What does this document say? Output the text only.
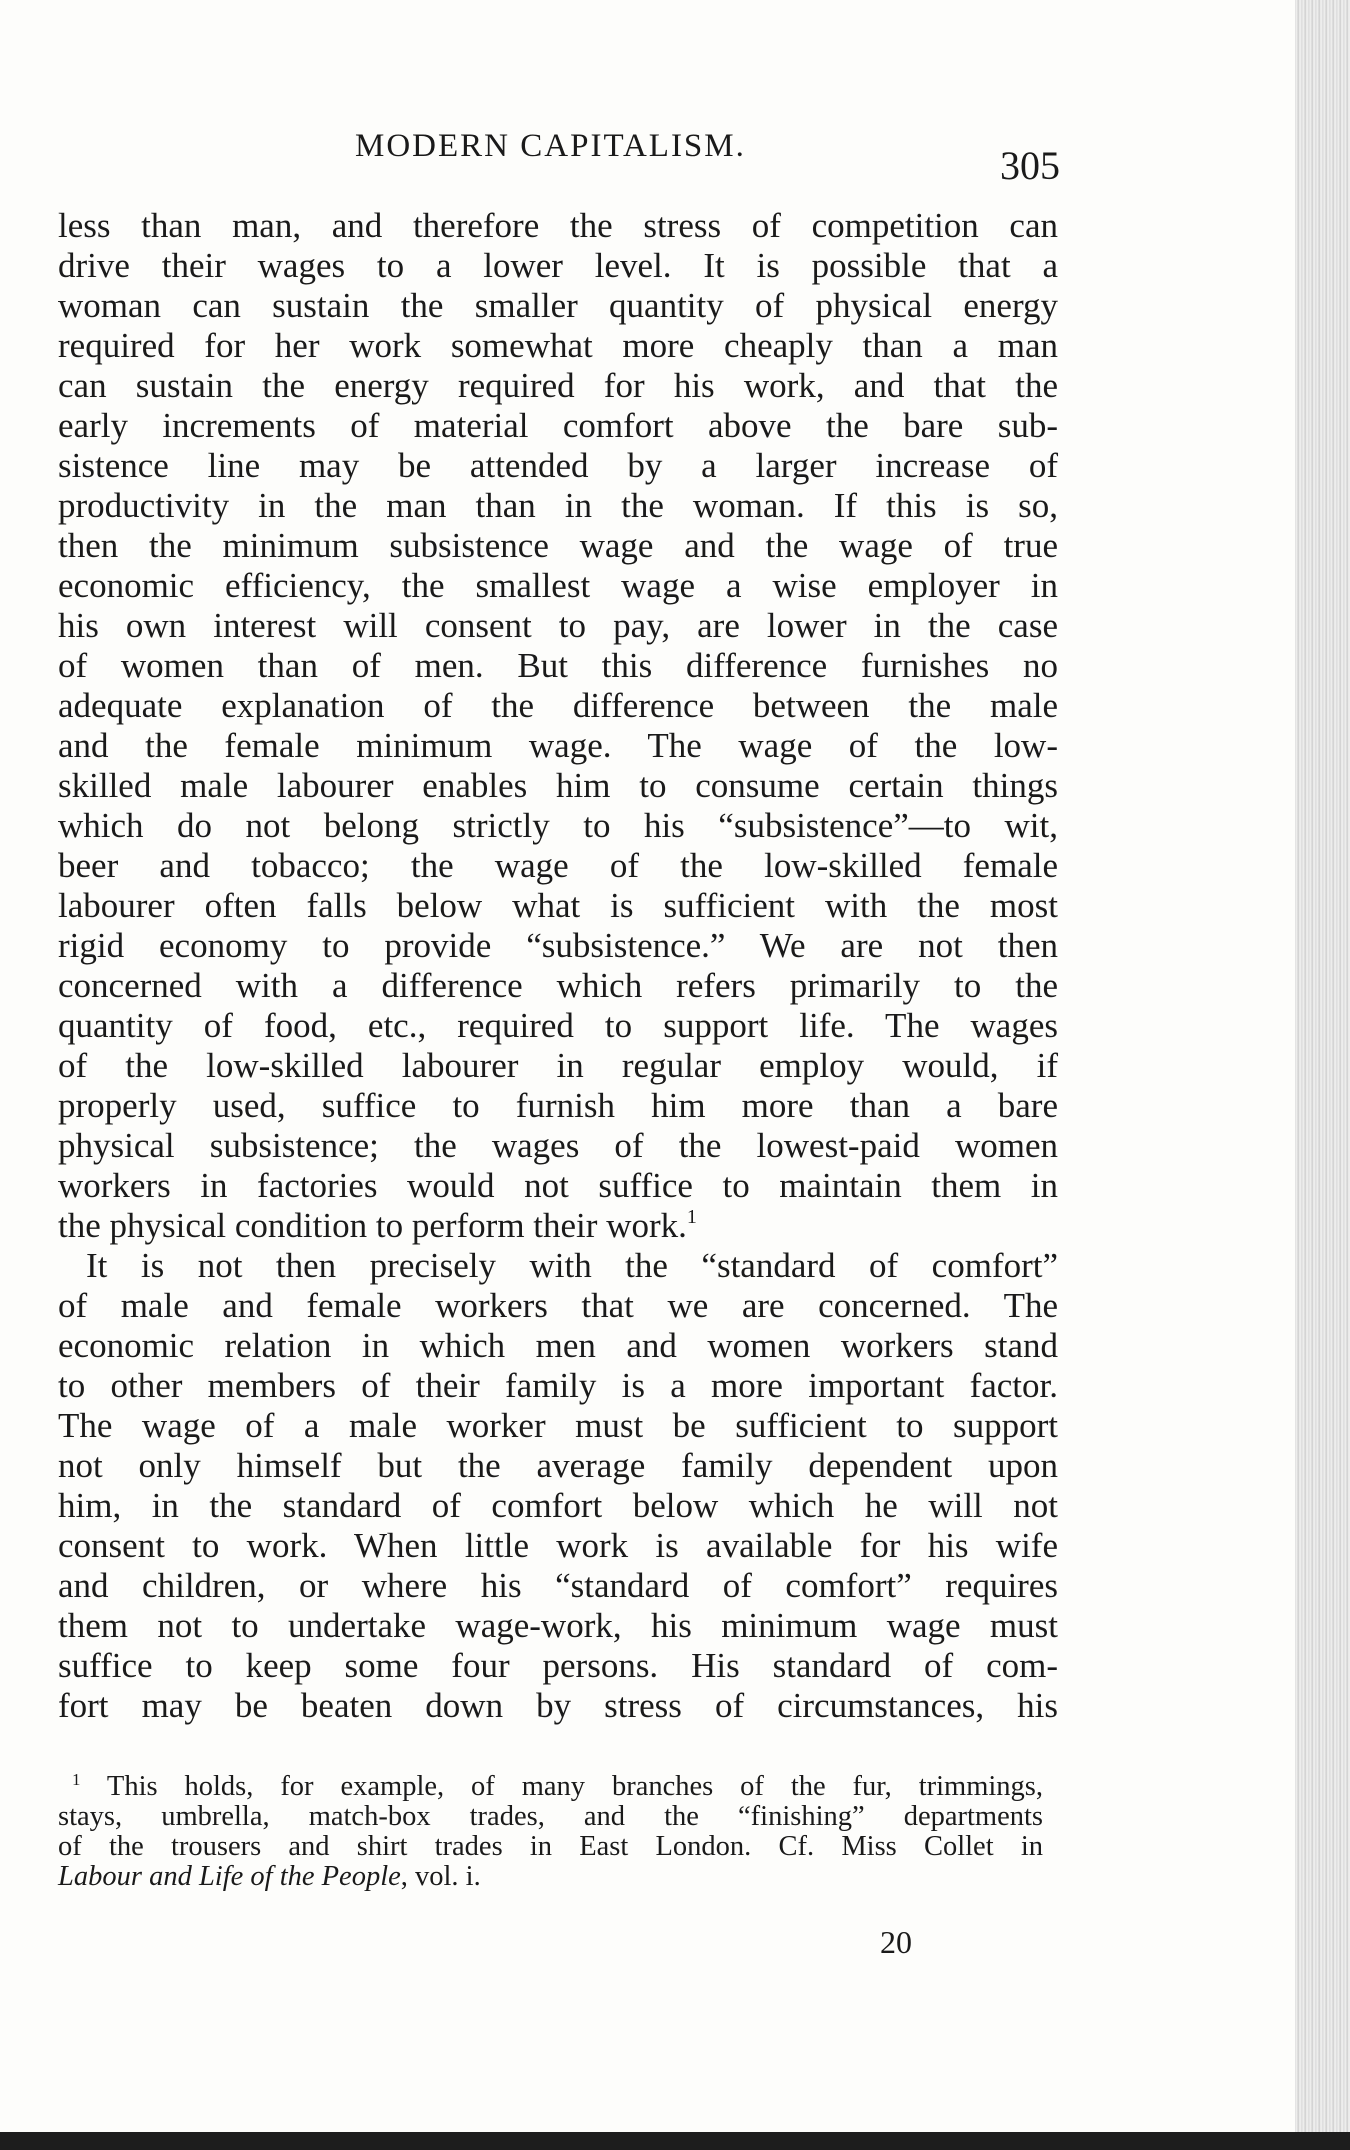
MODERN CAPITALISM.	305
less than man, and therefore the stress of competition can
drive their wages to a lower level. It is possible that a
woman can sustain the smaller quantity of physical energy
required for her work somewhat more cheaply than a man
can sustain the energy required for his work, and that the
early increments of material comfort above the bare sub-
sistence line may be attended by a larger increase of
productivity in the man than in the woman. If this is so,
then the minimum subsistence wage and the wage of true
economic efficiency, the smallest wage a wise employer in
his own interest will consent to pay, are lower in the case
of women than of men. But this difference furnishes no
adequate explanation of the difference between the male
and the female minimum wage. The wage of the low-
skilled male labourer enables him to consume certain things
which do not belong strictly to his “subsistence”—to wit,
beer and tobacco; the wage of the low-skilled female
labourer often falls below what is sufficient with the most
rigid economy to provide “subsistence.” We are not then
concerned with a difference which refers primarily to the
quantity of food, etc., required to support life. The wages
of the low-skilled labourer in regular employ would, if
properly used, suffice to furnish him more than a bare
physical subsistence; the wages of the lowest-paid women
workers in factories would not suffice to maintain them in
the physical condition to perform their work.$^1$
It is not then precisely with the “standard of comfort”
of male and female workers that we are concerned. The
economic relation in which men and women workers stand
to other members of their family is a more important factor.
The wage of a male worker must be sufficient to support
not only himself but the average family dependent upon
him, in the standard of comfort below which he will not
consent to work. When little work is available for his wife
and children, or where his “standard of comfort” requires
them not to undertake wage-work, his minimum wage must
suffice to keep some four persons. His standard of com-
fort may be beaten down by stress of circumstances, his
$^1$ This holds, for example, of many branches of the fur, trimmings,
stays, umbrella, match-box trades, and the “finishing” departments
of the trousers and shirt trades in East London. Cf. Miss Collet in
Labour and Life of the People, vol. i.
20
